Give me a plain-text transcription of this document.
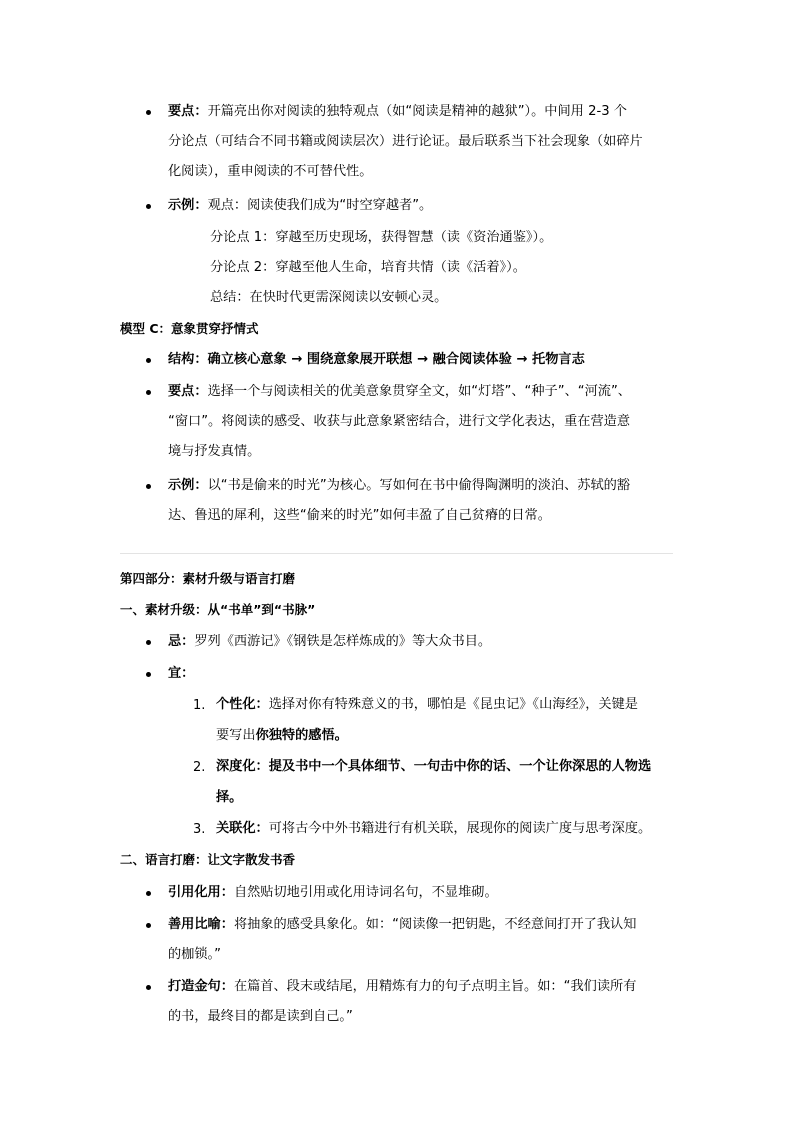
要点：开篇亮出你对阅读的独特观点（如“阅读是精神的越狱”）。中间用 2-3 个
分论点（可结合不同书籍或阅读层次）进行论证。最后联系当下社会现象（如碎片
化阅读），重申阅读的不可替代性。
示例：观点：阅读使我们成为“时空穿越者”。
分论点 1：穿越至历史现场，获得智慧（读《资治通鉴》）。
分论点 2：穿越至他人生命，培育共情（读《活着》）。
总结：在快时代更需深阅读以安顿心灵。
模型 C：意象贯穿抒情式
结构：确立核心意象 → 围绕意象展开联想 → 融合阅读体验 → 托物言志
要点：选择一个与阅读相关的优美意象贯穿全文，如“灯塔”、“种子”、“河流”、
“窗口”。将阅读的感受、收获与此意象紧密结合，进行文学化表达，重在营造意
境与抒发真情。
示例：以“书是偷来的时光”为核心。写如何在书中偷得陶渊明的淡泊、苏轼的豁
达、鲁迅的犀利，这些“偷来的时光”如何丰盈了自己贫瘠的日常。
第四部分：素材升级与语言打磨
一、素材升级：从“书单”到“书脉”
忌：罗列《西游记》《钢铁是怎样炼成的》等大众书目。
宜：
1. 个性化：选择对你有特殊意义的书，哪怕是《昆虫记》《山海经》，关键是
要写出你独特的感悟。
2. 深度化：提及书中一个具体细节、一句击中你的话、一个让你深思的人物选
择。
3. 关联化：可将古今中外书籍进行有机关联，展现你的阅读广度与思考深度。
二、语言打磨：让文字散发书香
引用化用：自然贴切地引用或化用诗词名句，不显堆砌。
善用比喻：将抽象的感受具象化。如：“阅读像一把钥匙，不经意间打开了我认知
的枷锁。”
打造金句：在篇首、段末或结尾，用精炼有力的句子点明主旨。如：“我们读所有
的书，最终目的都是读到自己。”
